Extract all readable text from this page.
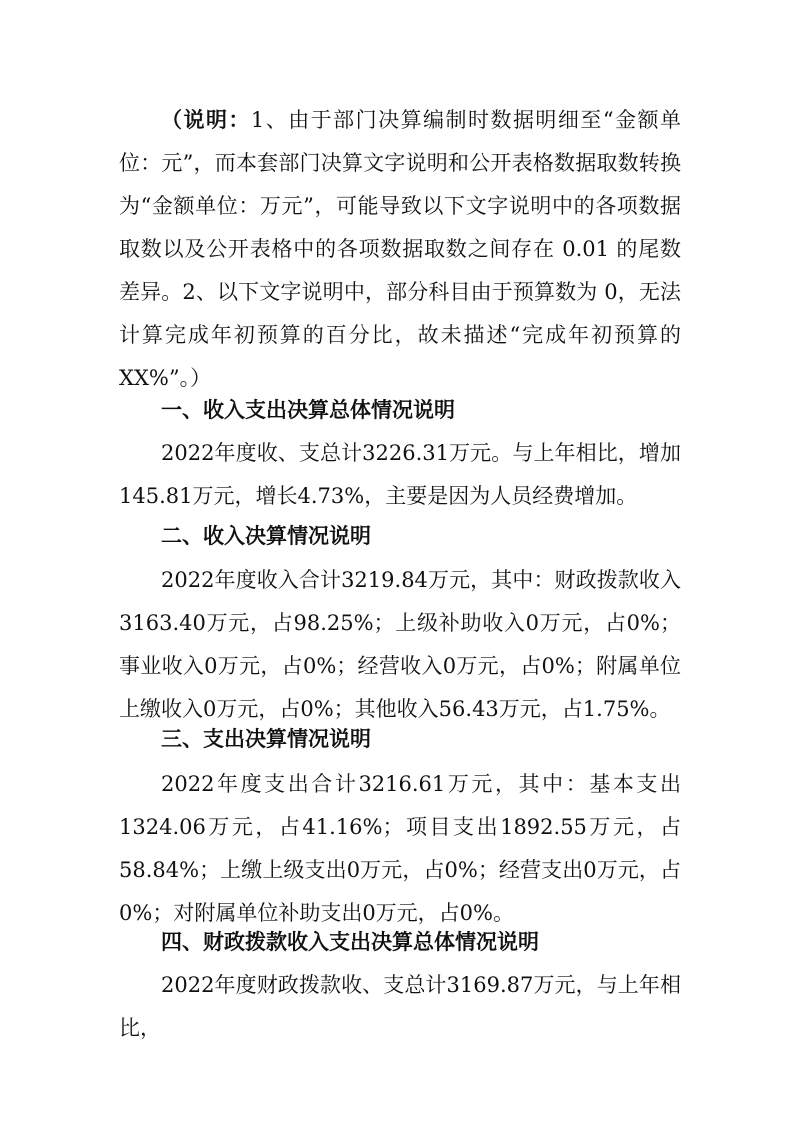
（说明：1、由于部门决算编制时数据明细至“金额单位：元”，而本套部门决算文字说明和公开表格数据取数转换为“金额单位：万元”，可能导致以下文字说明中的各项数据取数以及公开表格中的各项数据取数之间存在 0.01 的尾数差异。2、以下文字说明中，部分科目由于预算数为 0，无法计算完成年初预算的百分比，故未描述“完成年初预算的 XX%”。）

一、收入支出决算总体情况说明

2022年度收、支总计3226.31万元。与上年相比，增加145.81万元，增长4.73%，主要是因为人员经费增加。

二、收入决算情况说明

2022年度收入合计3219.84万元，其中：财政拨款收入3163.40万元，占98.25%；上级补助收入0万元，占0%；事业收入0万元，占0%；经营收入0万元，占0%；附属单位上缴收入0万元，占0%；其他收入56.43万元，占1.75%。

三、支出决算情况说明

2022年度支出合计3216.61万元，其中：基本支出1324.06万元，占41.16%；项目支出1892.55万元，占58.84%；上缴上级支出0万元，占0%；经营支出0万元，占0%；对附属单位补助支出0万元，占0%。

四、财政拨款收入支出决算总体情况说明

2022年度财政拨款收、支总计3169.87万元，与上年相比，
